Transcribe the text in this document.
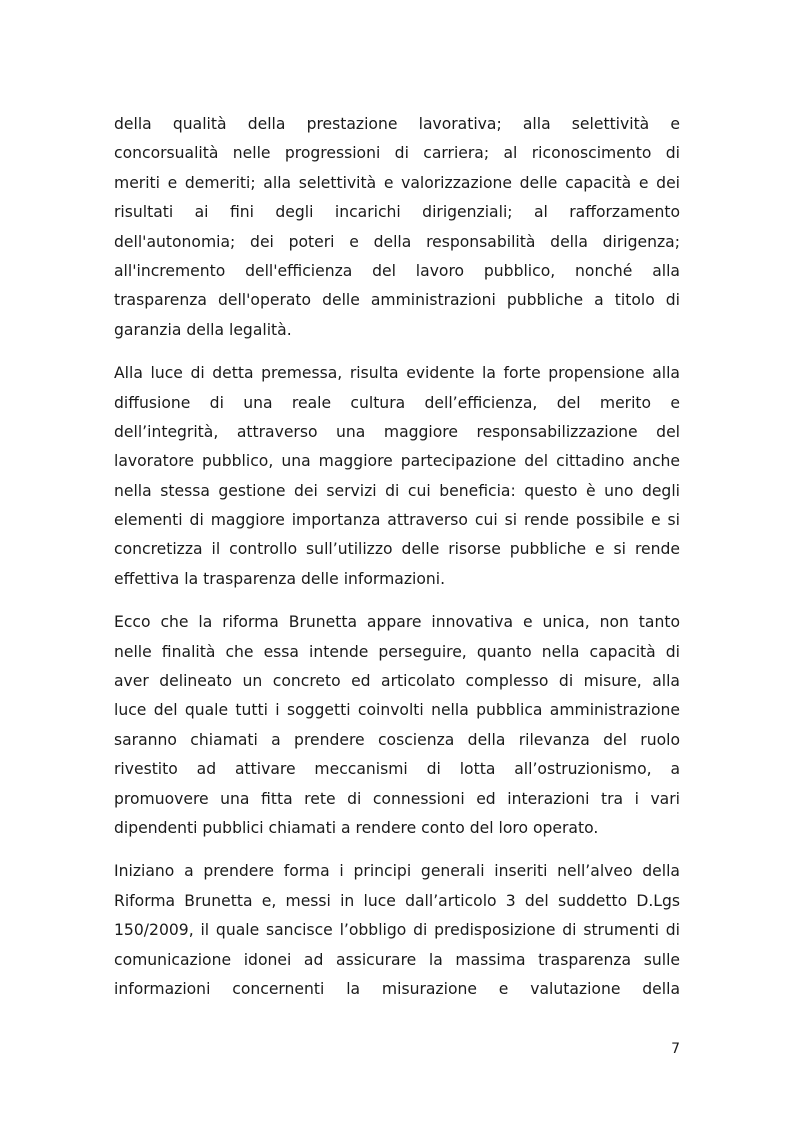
della qualità della prestazione lavorativa; alla selettività e
concorsualità nelle progressioni di carriera; al riconoscimento di
meriti e demeriti; alla selettività e valorizzazione delle capacità e dei
risultati ai fini degli incarichi dirigenziali; al rafforzamento
dell'autonomia; dei poteri e della responsabilità della dirigenza;
all'incremento dell'efficienza del lavoro pubblico, nonché alla
trasparenza dell'operato delle amministrazioni pubbliche a titolo di
garanzia della legalità.
Alla luce di detta premessa, risulta evidente la forte propensione alla
diffusione di una reale cultura dell’efficienza, del merito e
dell’integrità, attraverso una maggiore responsabilizzazione del
lavoratore pubblico, una maggiore partecipazione del cittadino anche
nella stessa gestione dei servizi di cui beneficia: questo è uno degli
elementi di maggiore importanza attraverso cui si rende possibile e si
concretizza il controllo sull’utilizzo delle risorse pubbliche e si rende
effettiva la trasparenza delle informazioni.
Ecco che la riforma Brunetta appare innovativa e unica, non tanto
nelle finalità che essa intende perseguire, quanto nella capacità di
aver delineato un concreto ed articolato complesso di misure, alla
luce del quale tutti i soggetti coinvolti nella pubblica amministrazione
saranno chiamati a prendere coscienza della rilevanza del ruolo
rivestito ad attivare meccanismi di lotta all’ostruzionismo, a
promuovere una fitta rete di connessioni ed interazioni tra i vari
dipendenti pubblici chiamati a rendere conto del loro operato.
Iniziano a prendere forma i principi generali inseriti nell’alveo della
Riforma Brunetta e, messi in luce dall’articolo 3 del suddetto D.Lgs
150/2009, il quale sancisce l’obbligo di predisposizione di strumenti di
comunicazione idonei ad assicurare la massima trasparenza sulle
informazioni concernenti la misurazione e valutazione della
7
